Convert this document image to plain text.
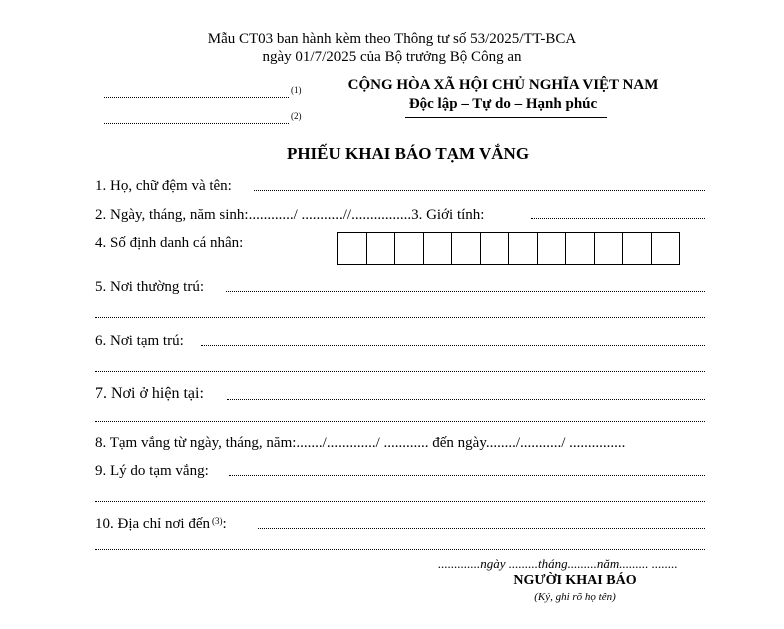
Mẫu CT03 ban hành kèm theo Thông tư số 53/2025/TT-BCA
ngày 01/7/2025 của Bộ trưởng Bộ Công an
(1)
(2)
CỘNG HÒA XÃ HỘI CHỦ NGHĨA VIỆT NAM
Độc lập – Tự do – Hạnh phúc
PHIẾU KHAI BÁO TẠM VẮNG
1. Họ, chữ đệm và tên:
2. Ngày, tháng, năm sinh:............/ ...........//................3. Giới tính:
4. Số định danh cá nhân:
5. Nơi thường trú:
6. Nơi tạm trú:
7. Nơi ở hiện tại:
8. Tạm vắng từ ngày, tháng, năm:......./............./ ............ đến ngày......../.........../ ...............
9. Lý do tạm vắng:
10. Địa chỉ nơi đến $^{(3)}$:
.............ngày .........tháng.........năm......... ........
NGƯỜI KHAI BÁO
(Ký, ghi rõ họ tên)
